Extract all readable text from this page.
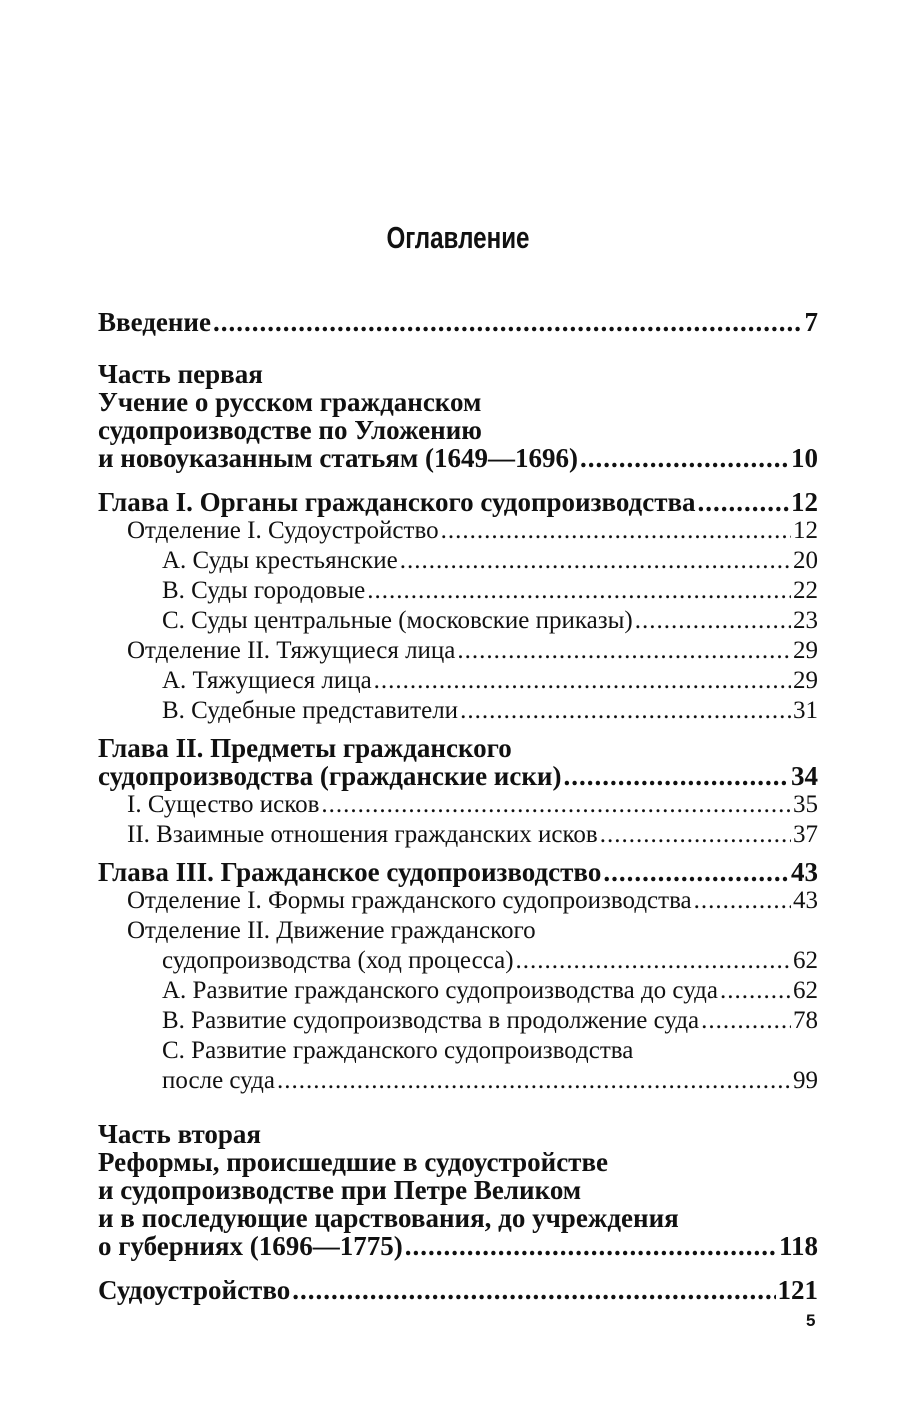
Оглавление
Введение .....	7
Часть первая
Учение о русском гражданском
судопроизводстве по Уложению
и новоуказанным статьям (1649—1696) .....	10
Глава I. Органы гражданского судопроизводства .....	12
Отделение I. Судоустройство .....	12
А. Суды крестьянские .....	20
В. Суды городовые .....	22
С. Суды центральные (московские приказы) .....	23
Отделение II. Тяжущиеся лица .....	29
А. Тяжущиеся лица .....	29
В. Судебные представители .....	31
Глава II. Предметы гражданского
судопроизводства (гражданские иски) .....	34
I. Существо исков .....	35
II. Взаимные отношения гражданских исков .....	37
Глава III. Гражданское судопроизводство .....	43
Отделение I. Формы гражданского судопроизводства .....	43
Отделение II. Движение гражданского
судопроизводства (ход процесса) .....	62
А. Развитие гражданского судопроизводства до суда .....	62
В. Развитие судопроизводства в продолжение суда .....	78
С. Развитие гражданского судопроизводства
после суда .....	99
Часть вторая
Реформы, происшедшие в судоустройстве
и судопроизводстве при Петре Великом
и в последующие царствования, до учреждения
о губерниях (1696—1775) .....	118
Судоустройство .....	121
5
